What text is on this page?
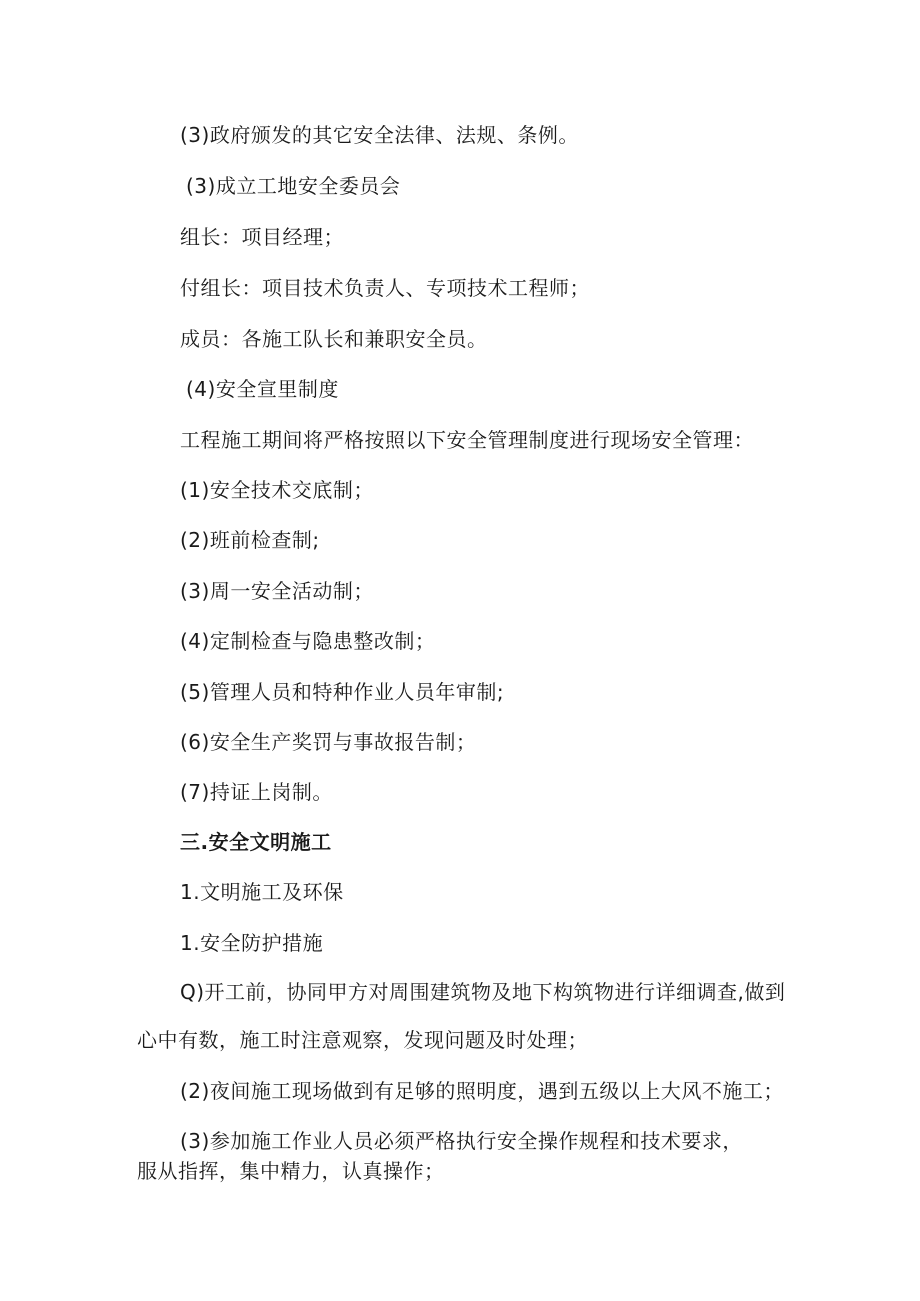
(3)政府颁发的其它安全法律、法规、条例。
(3)成立工地安全委员会
组长：项目经理；
付组长：项目技术负责人、专项技术工程师；
成员：各施工队长和兼职安全员。
(4)安全宣里制度
工程施工期间将严格按照以下安全管理制度进行现场安全管理：
(1)安全技术交底制；
(2)班前检查制;
(3)周一安全活动制；
(4)定制检查与隐患整改制；
(5)管理人员和特种作业人员年审制;
(6)安全生产奖罚与事故报告制；
(7)持证上岗制。
三.安全文明施工
1.文明施工及环保
1.安全防护措施
Q)开工前，协同甲方对周围建筑物及地下构筑物进行详细调查,做到
心中有数，施工时注意观察，发现问题及时处理；
(2)夜间施工现场做到有足够的照明度，遇到五级以上大风不施工；
(3)参加施工作业人员必须严格执行安全操作规程和技术要求，
服从指挥，集中精力，认真操作；
